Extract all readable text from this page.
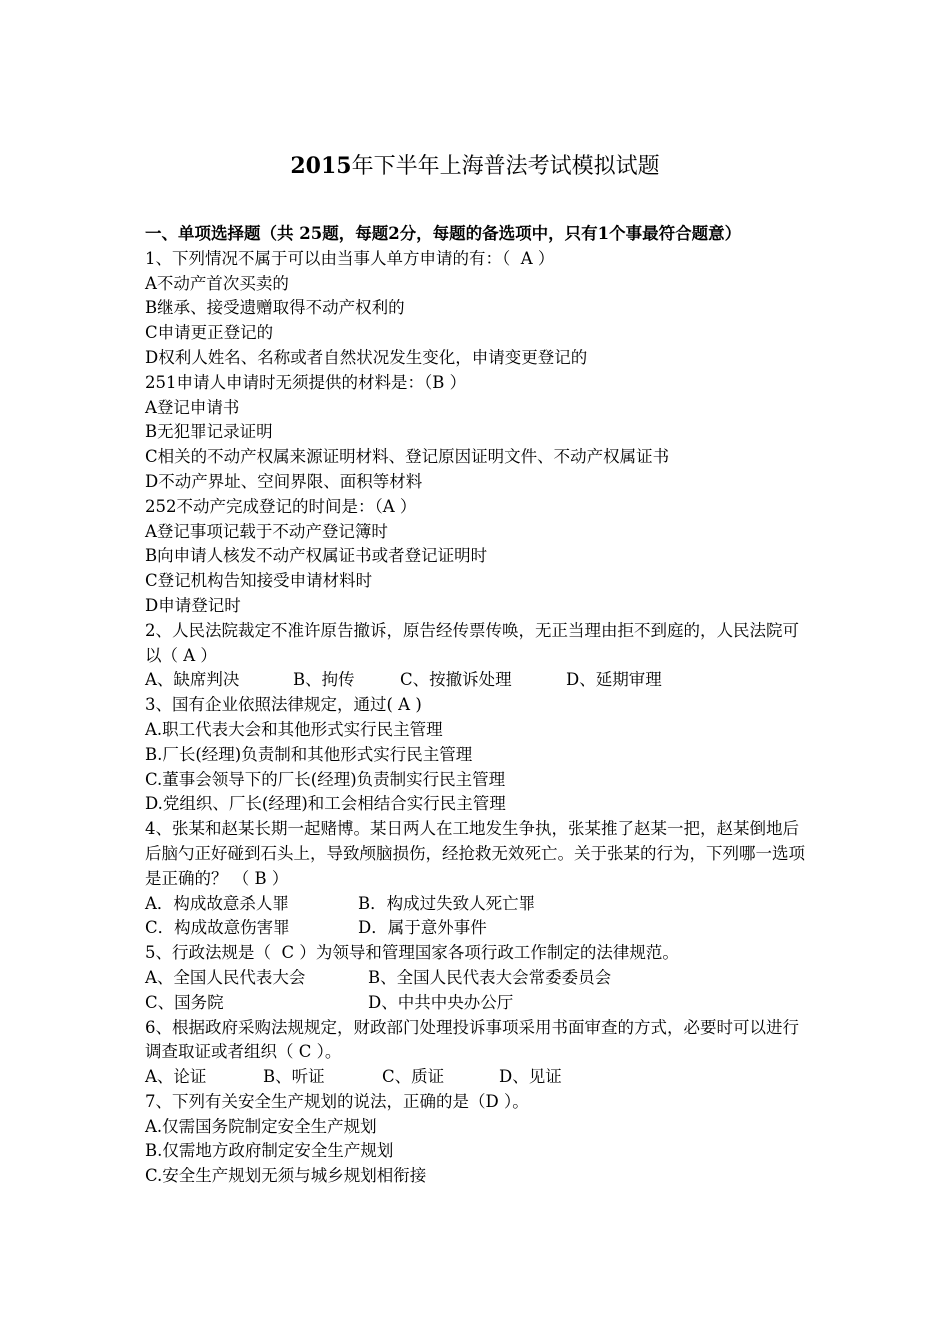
2015年下半年上海普法考试模拟试题
一、单项选择题（共 25题，每题2分，每题的备选项中，只有1个事最符合题意）
1、下列情况不属于可以由当事人单方申请的有：（  A ）
A不动产首次买卖的
B继承、接受遗赠取得不动产权利的
C申请更正登记的
D权利人姓名、名称或者自然状况发生变化，申请变更登记的
251申请人申请时无须提供的材料是：（B ）
A登记申请书
B无犯罪记录证明
C相关的不动产权属来源证明材料、登记原因证明文件、不动产权属证书
D不动产界址、空间界限、面积等材料
252不动产完成登记的时间是：（A ）
A登记事项记载于不动产登记簿时
B向申请人核发不动产权属证书或者登记证明时
C登记机构告知接受申请材料时
D申请登记时
2、人民法院裁定不准许原告撤诉，原告经传票传唤，无正当理由拒不到庭的，人民法院可以（ A ）
A、缺席判决	B、拘传	C、按撤诉处理	D、延期审理
3、国有企业依照法律规定，通过( A )
A.职工代表大会和其他形式实行民主管理
B.厂长(经理)负责制和其他形式实行民主管理
C.董事会领导下的厂长(经理)负责制实行民主管理
D.党组织、厂长(经理)和工会相结合实行民主管理
4、张某和赵某长期一起赌博。某日两人在工地发生争执，张某推了赵某一把，赵某倒地后后脑勺正好碰到石头上，导致颅脑损伤，经抢救无效死亡。关于张某的行为，下列哪一选项是正确的？ （ B ）
A．构成故意杀人罪	B．构成过失致人死亡罪
C．构成故意伤害罪	D．属于意外事件
5、行政法规是（  C ）为领导和管理国家各项行政工作制定的法律规范。
A、全国人民代表大会	B、全国人民代表大会常委委员会
C、国务院	D、中共中央办公厅
6、根据政府采购法规规定，财政部门处理投诉事项采用书面审查的方式，必要时可以进行调查取证或者组织（ C ）。
A、论证	B、听证	C、质证	D、见证
7、下列有关安全生产规划的说法，正确的是（D ）。
A.仅需国务院制定安全生产规划
B.仅需地方政府制定安全生产规划
C.安全生产规划无须与城乡规划相衔接
